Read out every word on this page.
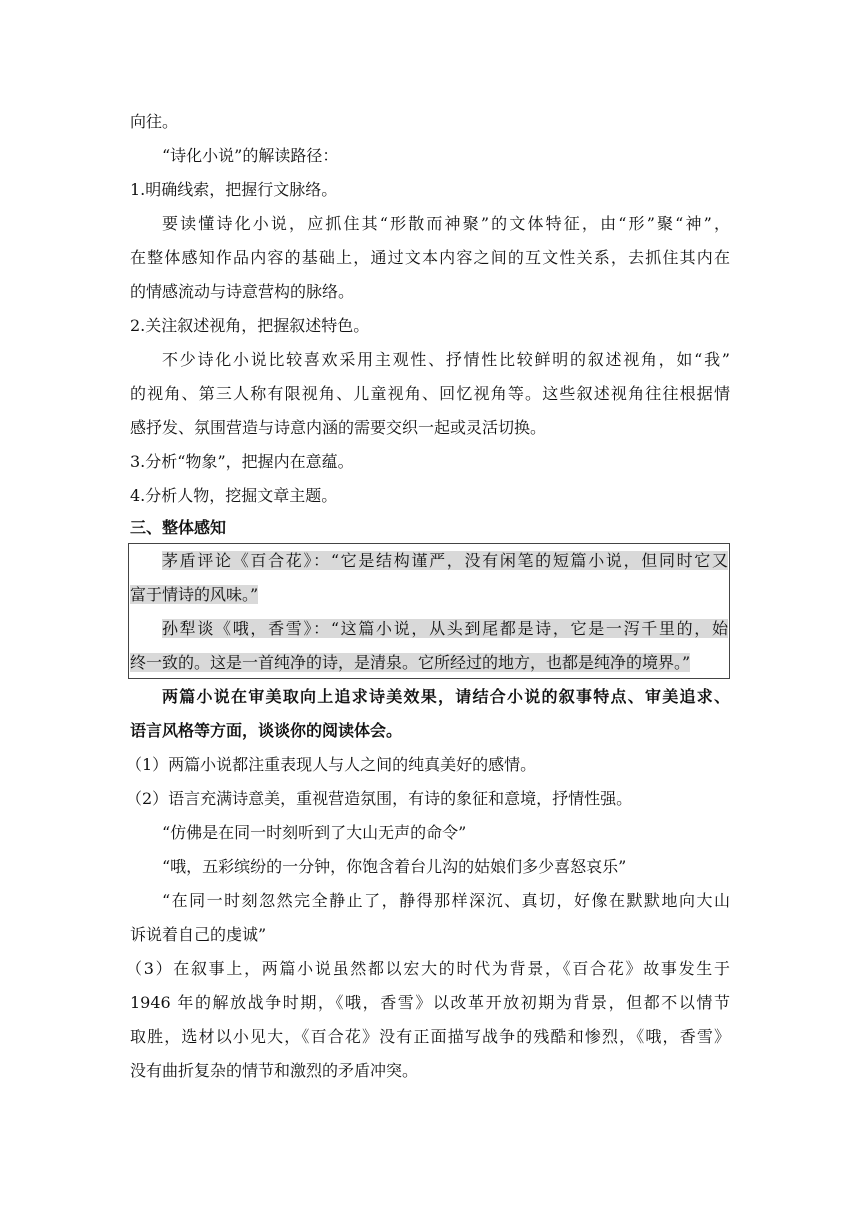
向往。
“诗化小说”的解读路径：
1.明确线索，把握行文脉络。
要读懂诗化小说，应抓住其“形散而神聚”的文体特征，由“形”聚“神”，
在整体感知作品内容的基础上，通过文本内容之间的互文性关系，去抓住其内在
的情感流动与诗意营构的脉络。
2.关注叙述视角，把握叙述特色。
不少诗化小说比较喜欢采用主观性、抒情性比较鲜明的叙述视角，如“我”
的视角、第三人称有限视角、儿童视角、回忆视角等。这些叙述视角往往根据情
感抒发、氛围营造与诗意内涵的需要交织一起或灵活切换。
3.分析“物象”，把握内在意蕴。
4.分析人物，挖掘文章主题。
三、整体感知
茅盾评论《百合花》：“它是结构谨严，没有闲笔的短篇小说，但同时它又
富于情诗的风味。”
孙犁谈《哦，香雪》：“这篇小说，从头到尾都是诗，它是一泻千里的，始
终一致的。这是一首纯净的诗，是清泉。它所经过的地方，也都是纯净的境界。”
两篇小说在审美取向上追求诗美效果，请结合小说的叙事特点、审美追求、
语言风格等方面，谈谈你的阅读体会。
（1）两篇小说都注重表现人与人之间的纯真美好的感情。
（2）语言充满诗意美，重视营造氛围，有诗的象征和意境，抒情性强。
“仿佛是在同一时刻听到了大山无声的命令”
“哦，五彩缤纷的一分钟，你饱含着台儿沟的姑娘们多少喜怒哀乐”
“在同一时刻忽然完全静止了，静得那样深沉、真切，好像在默默地向大山
诉说着自己的虔诚”
（3）在叙事上，两篇小说虽然都以宏大的时代为背景，《百合花》故事发生于
1946 年的解放战争时期，《哦，香雪》以改革开放初期为背景，但都不以情节
取胜，选材以小见大，《百合花》没有正面描写战争的残酷和惨烈，《哦，香雪》
没有曲折复杂的情节和激烈的矛盾冲突。
